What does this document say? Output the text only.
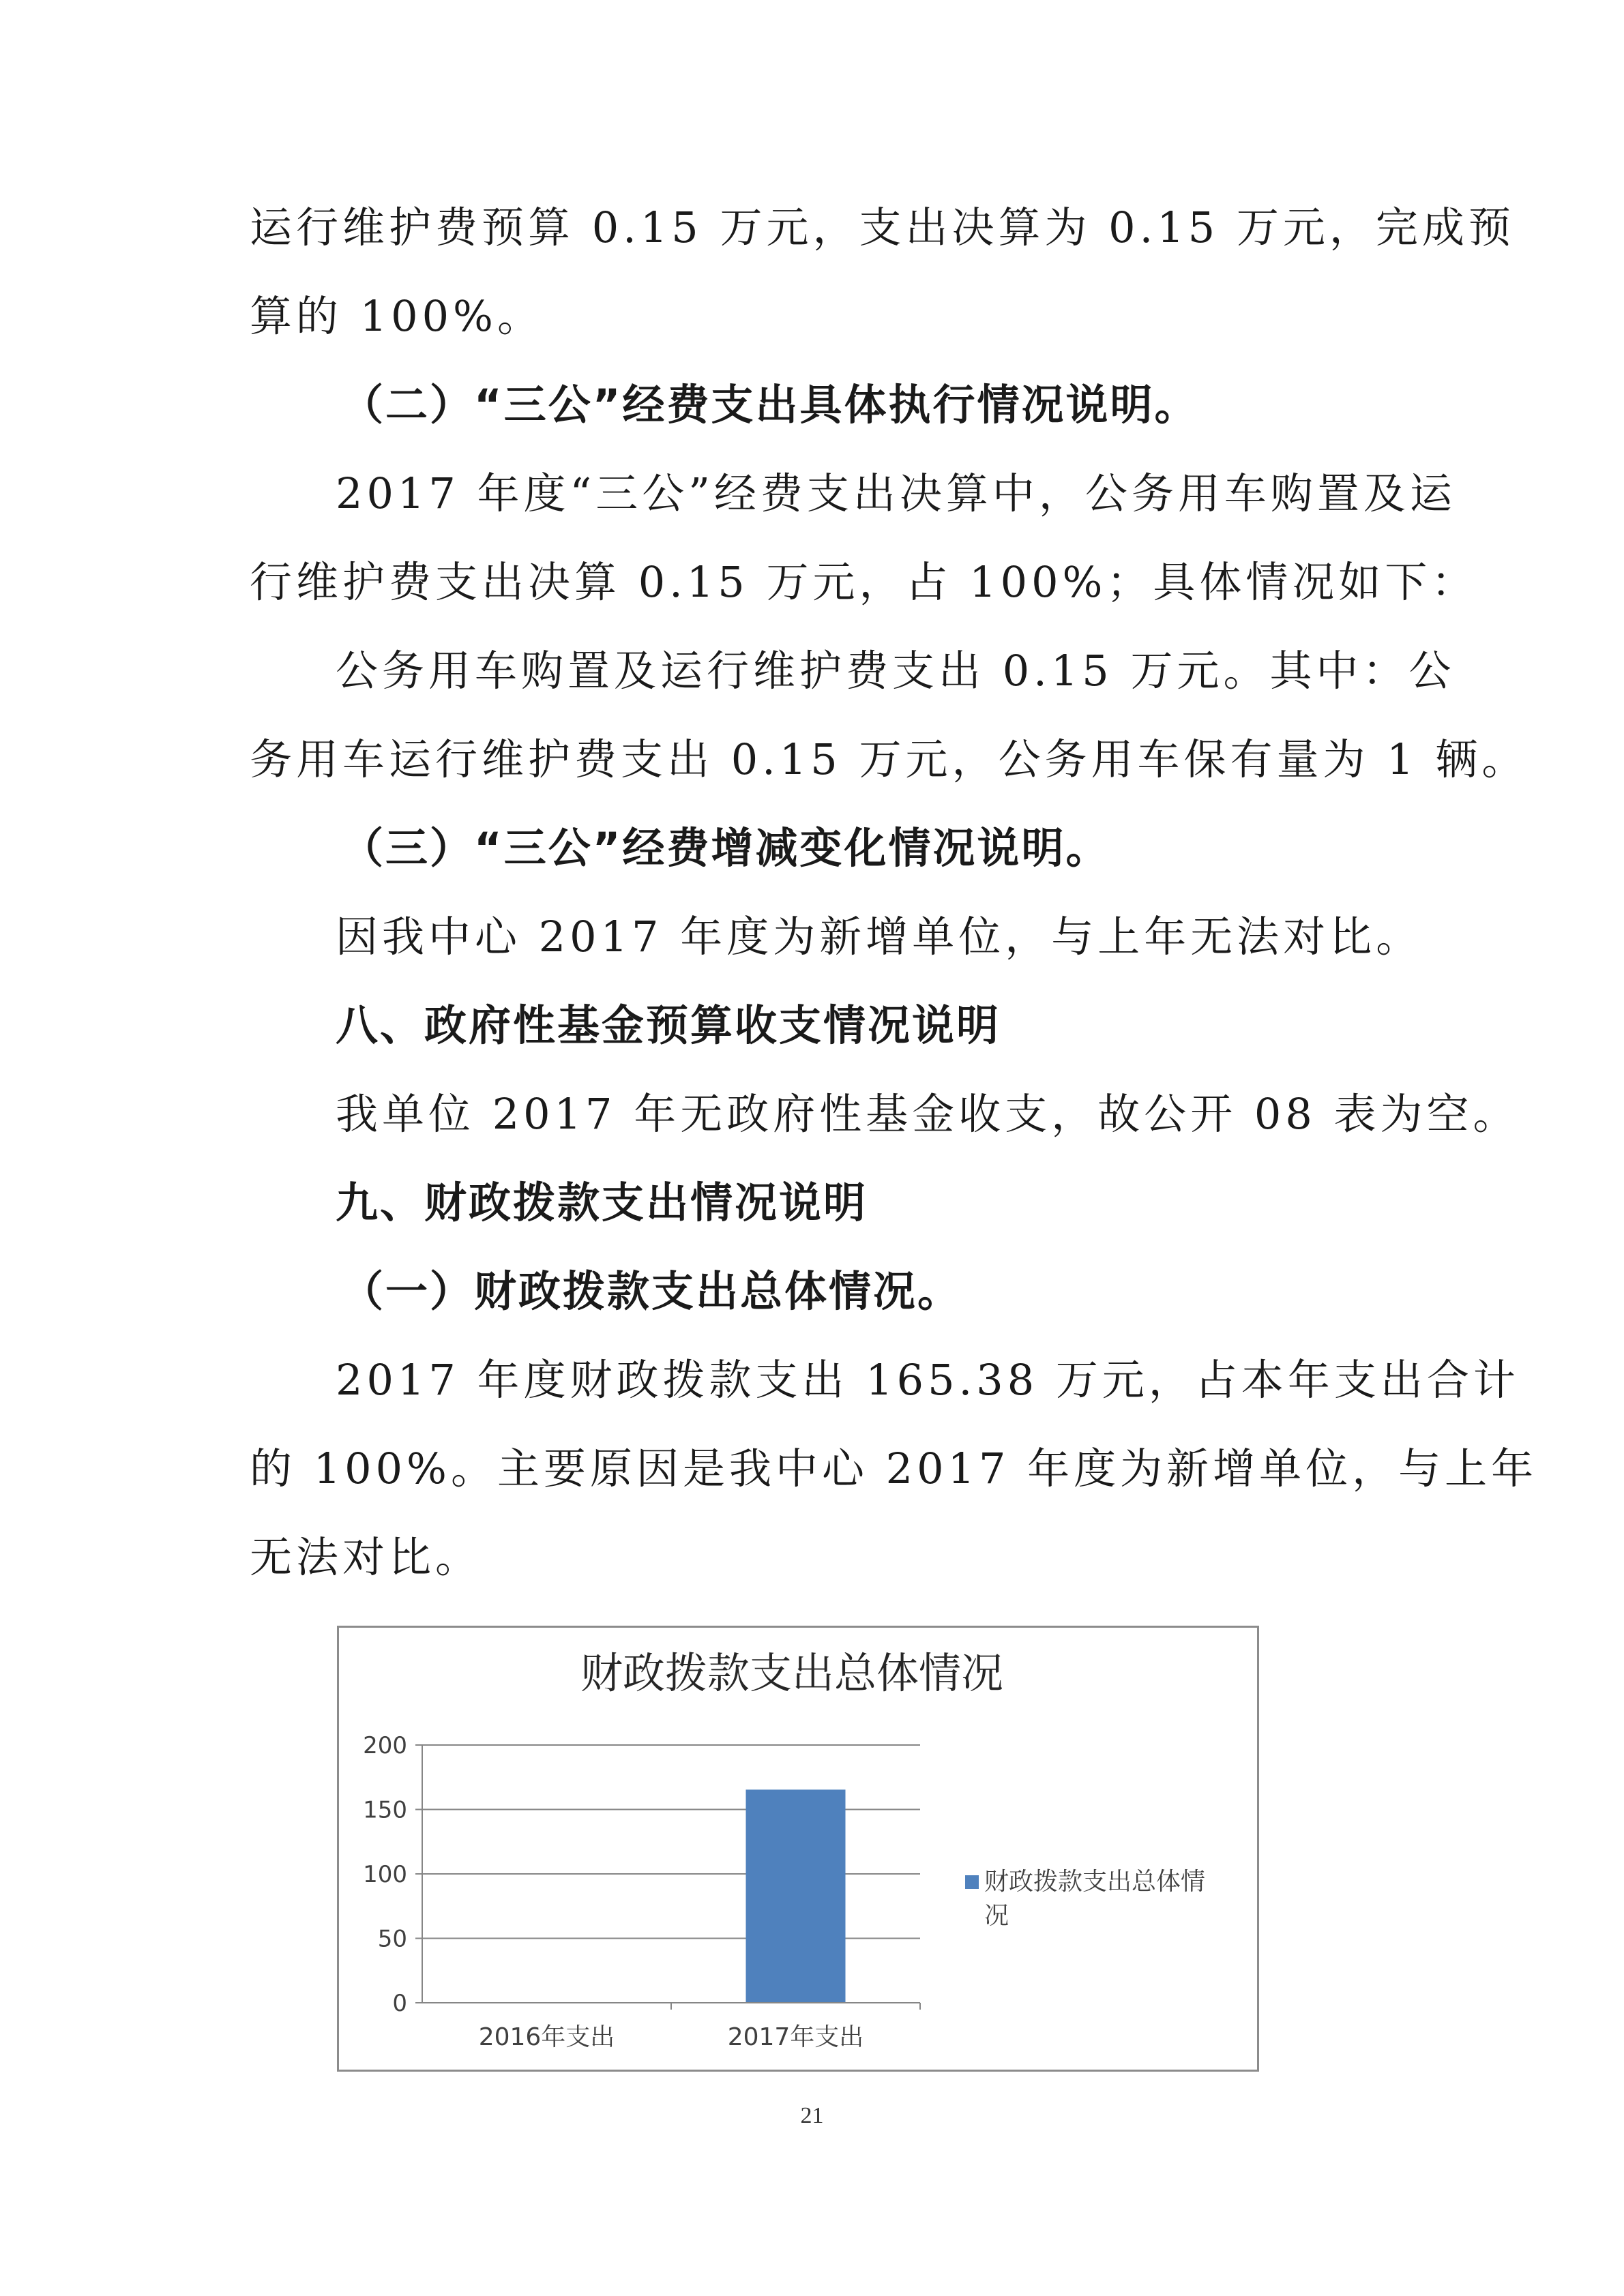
运行维护费预算 0.15 万元，支出决算为 0.15 万元，完成预
算的 100%。
（二）“三公”经费支出具体执行情况说明。
2017 年度“三公”经费支出决算中，公务用车购置及运
行维护费支出决算 0.15 万元，占 100%；具体情况如下：
公务用车购置及运行维护费支出 0.15 万元。其中：公
务用车运行维护费支出 0.15 万元，公务用车保有量为 1 辆。
（三）“三公”经费增减变化情况说明。
因我中心 2017 年度为新增单位，与上年无法对比。
八、政府性基金预算收支情况说明
我单位 2017 年无政府性基金收支，故公开 08 表为空。
九、财政拨款支出情况说明
（一）财政拨款支出总体情况。
2017 年度财政拨款支出 165.38 万元，占本年支出合计
的 100%。主要原因是我中心 2017 年度为新增单位，与上年
无法对比。
财政拨款支出总体情况
200
150
100
50
0
2016年支出	2017年支出
财政拨款支出总体情
况
21
